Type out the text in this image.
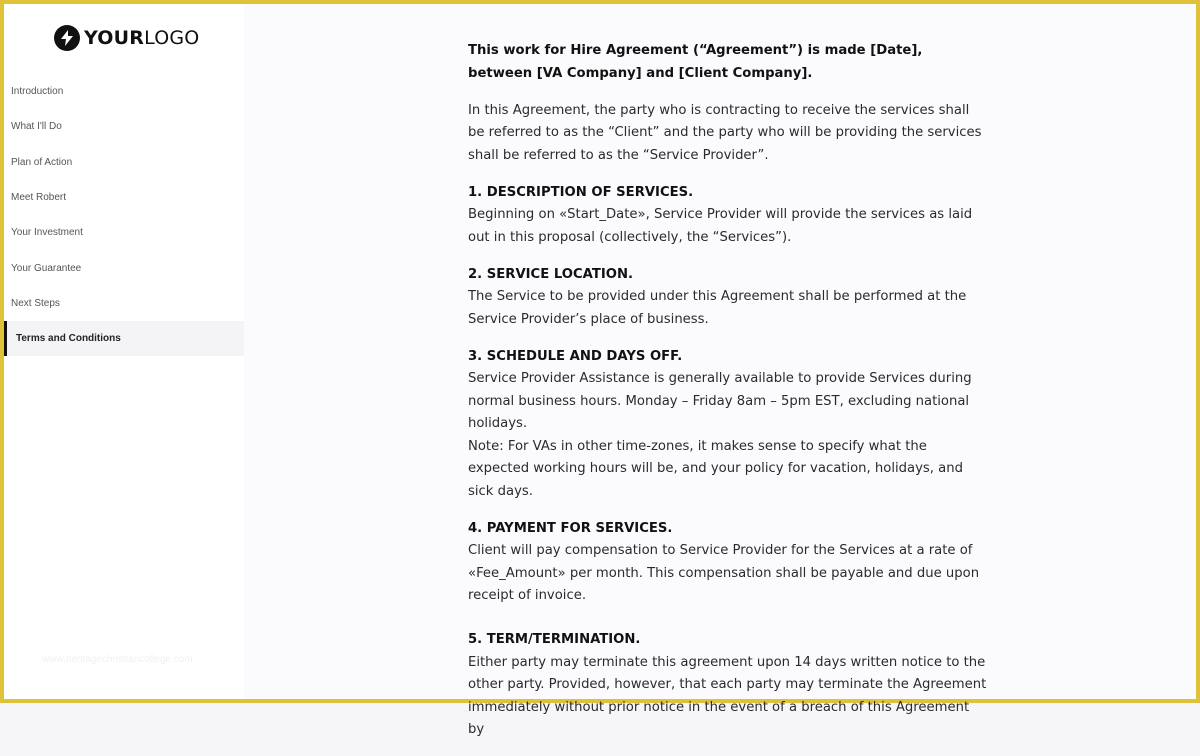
YOURLOGO
Introduction
What I'll Do
Plan of Action
Meet Robert
Your Investment
Your Guarantee
Next Steps
Terms and Conditions
www.heritagechristiancollege.com

This work for Hire Agreement (“Agreement”) is made [Date],
between [VA Company] and [Client Company].

In this Agreement, the party who is contracting to receive the services shall be referred to as the “Client” and the party who will be providing the services shall be referred to as the “Service Provider”.

1. DESCRIPTION OF SERVICES.
Beginning on «Start_Date», Service Provider will provide the services as laid out in this proposal (collectively, the “Services”).

2. SERVICE LOCATION.
The Service to be provided under this Agreement shall be performed at the Service Provider’s place of business.

3. SCHEDULE AND DAYS OFF.
Service Provider Assistance is generally available to provide Services during normal business hours. Monday – Friday 8am – 5pm EST, excluding national holidays.
Note: For VAs in other time-zones, it makes sense to specify what the expected working hours will be, and your policy for vacation, holidays, and sick days.

4. PAYMENT FOR SERVICES.
Client will pay compensation to Service Provider for the Services at a rate of «Fee_Amount» per month. This compensation shall be payable and due upon receipt of invoice.

5. TERM/TERMINATION.
Either party may terminate this agreement upon 14 days written notice to the other party. Provided, however, that each party may terminate the Agreement immediately without prior notice in the event of a breach of this Agreement by
